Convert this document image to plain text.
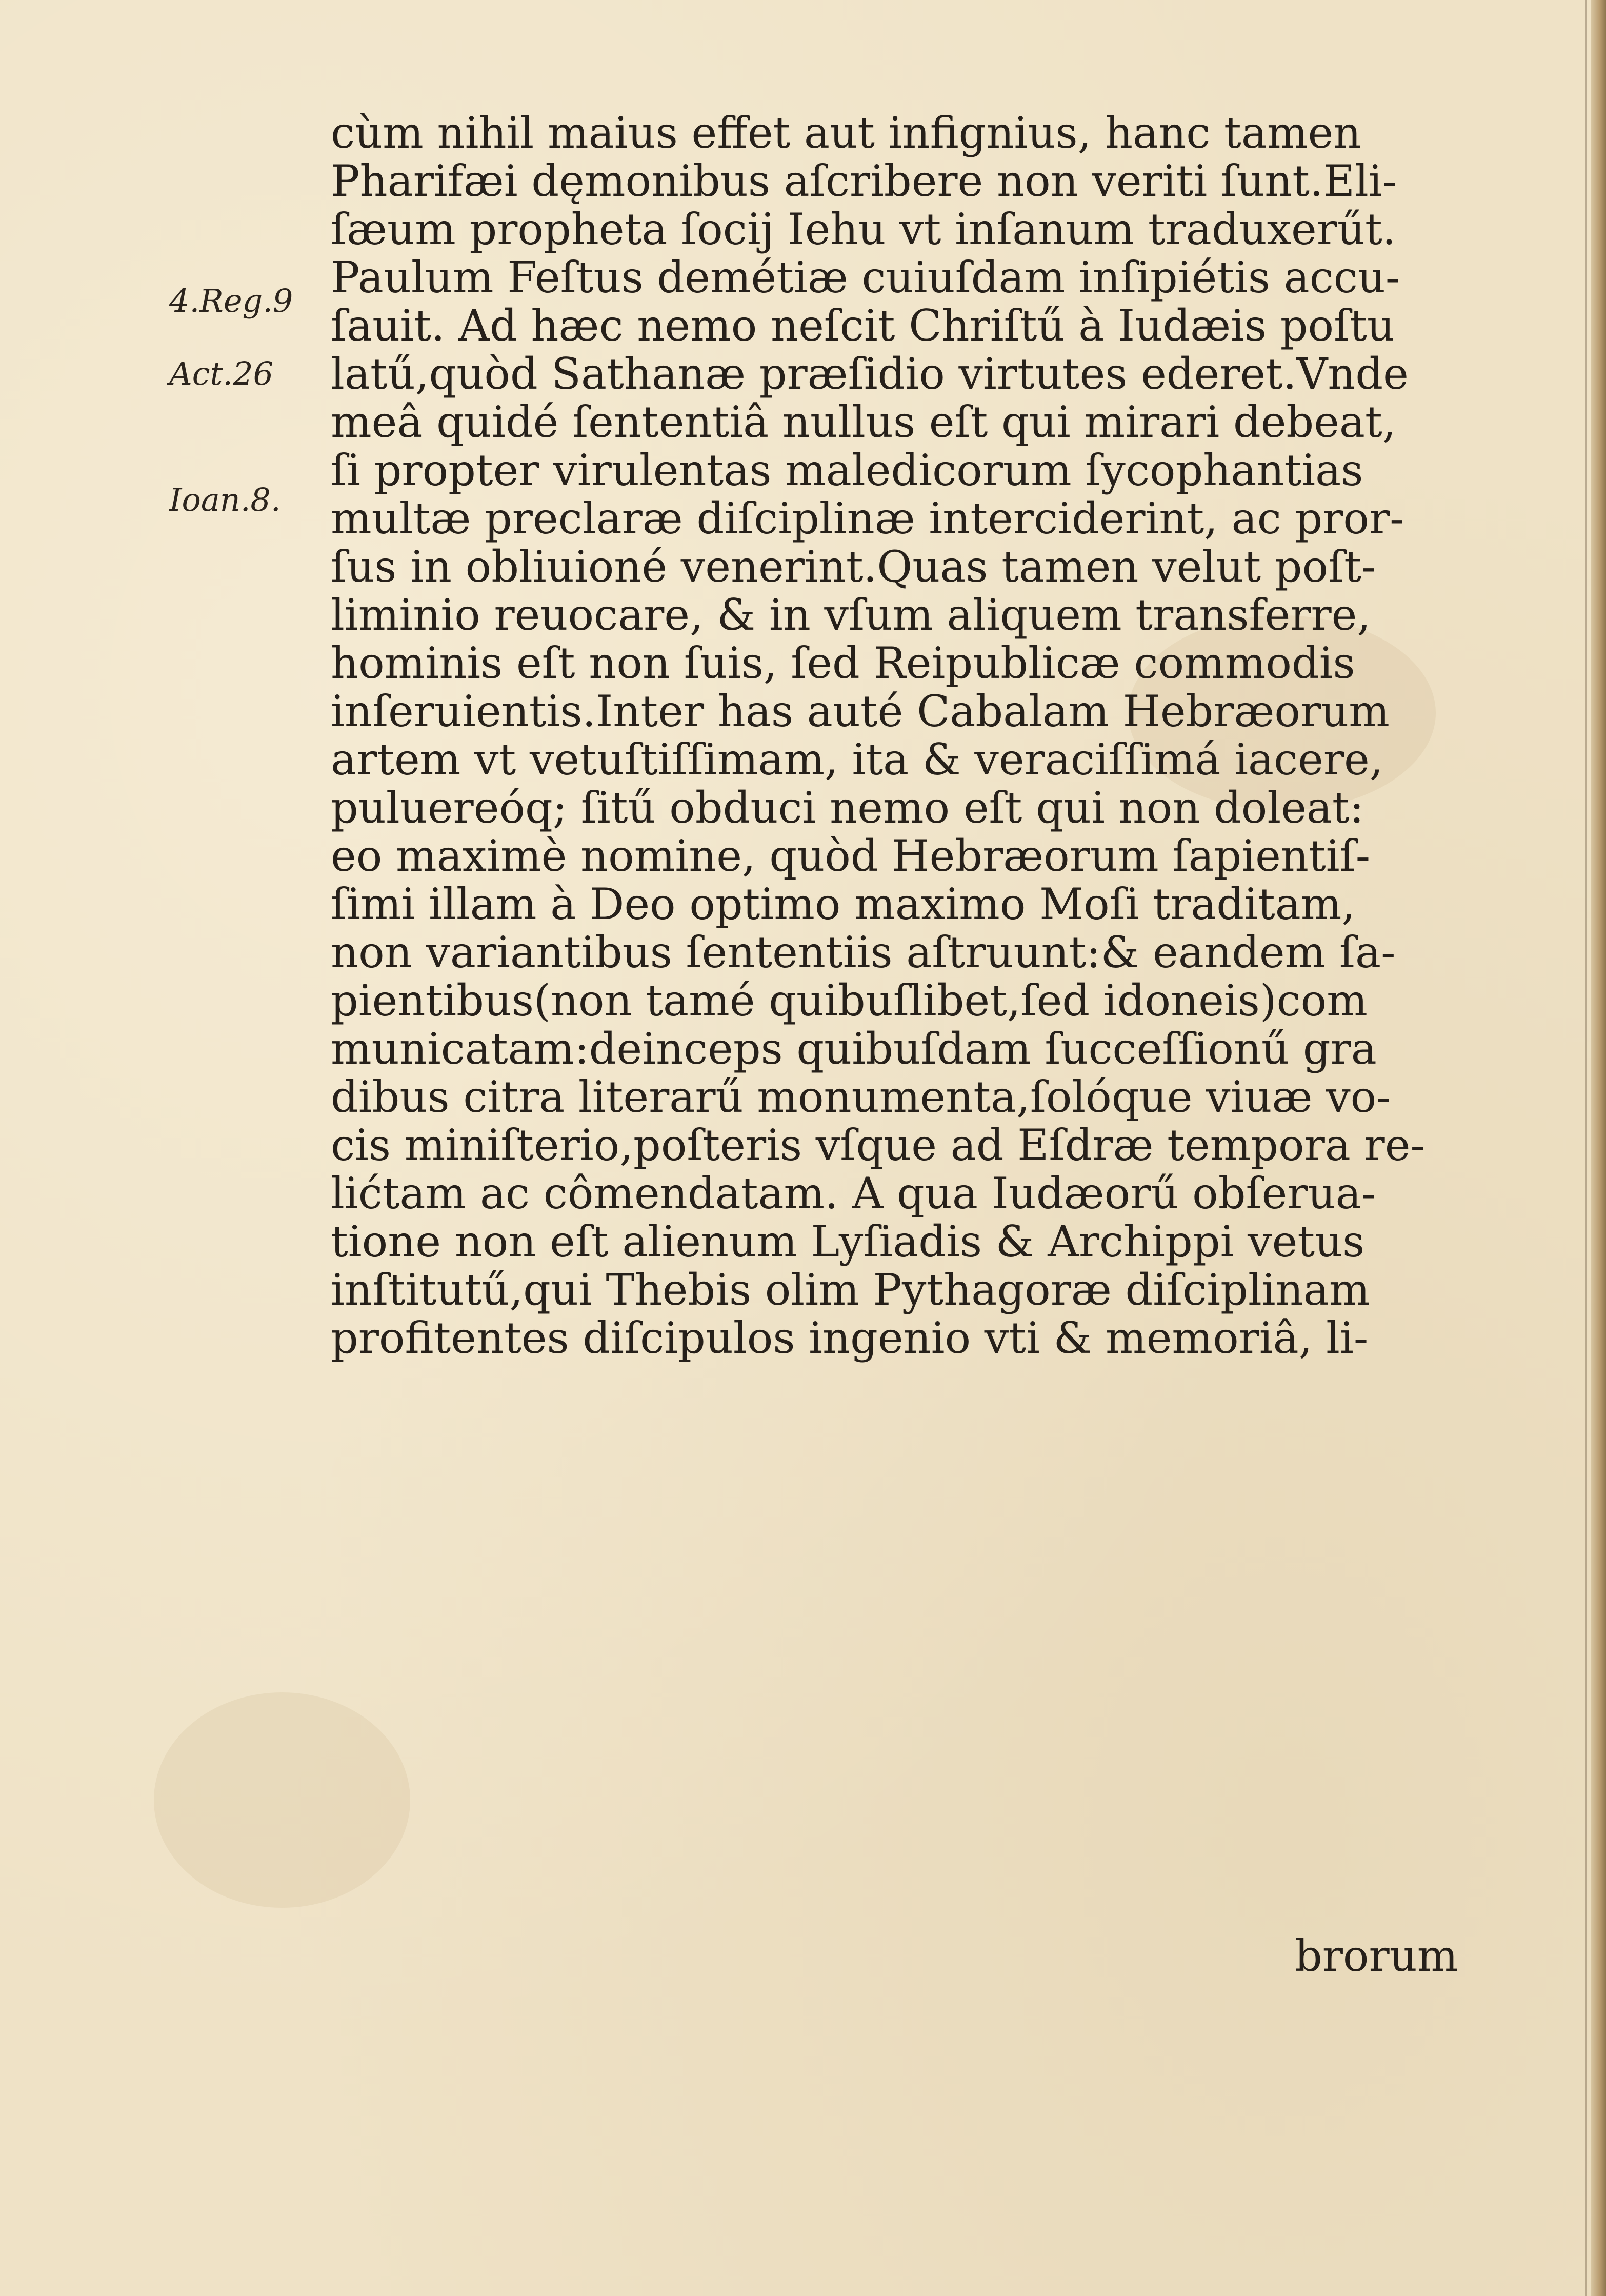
4.Reg.9
Act.26
Ioan.8.
cùm nihil maius effet aut infignius, hanc tamen
Pharifæi dęmonibus aſcribere non veriti ſunt.Eli-
ſæum propheta ſocij Iehu vt inſanum traduxerűt.
Paulum Feſtus demétiæ cuiuſdam inſipiétis accu-
ſauit. Ad hæc nemo neſcit Chriſtű à Iudæis poſtu
latű,quòd Sathanæ præſidio virtutes ederet.Vnde
meâ quidé ſententiâ nullus eſt qui mirari debeat,
ſi propter virulentas maledicorum ſycophantias
multæ preclaræ diſciplinæ interciderint, ac pror-
ſus in obliuioné venerint.Quas tamen velut poſt-
liminio reuocare, & in vſum aliquem transferre,
hominis eſt non ſuis, ſed Reipublicæ commodis
inſeruientis.Inter has auté Cabalam Hebræorum
artem vt vetuſtiſſimam, ita & veraciſſimá iacere,
puluereóq; ſitű obduci nemo eſt qui non doleat:
eo maximè nomine, quòd Hebræorum ſapientiſ-
ſimi illam à Deo optimo maximo Moſi traditam,
non variantibus ſententiis aſtruunt:& eandem ſa-
pientibus(non tamé quibuſlibet,ſed idoneis)com
municatam:deinceps quibuſdam ſucceſſionű gra
dibus citra literarű monumenta,ſolóque viuæ vo-
cis miniſterio,poſteris vſque ad Eſdræ tempora re-
lićtam ac cômendatam. A qua Iudæorű obſerua-
tione non eſt alienum Lyſiadis & Archippi vetus
inſtitutű,qui Thebis olim Pythagoræ diſciplinam
profitentes diſcipulos ingenio vti & memoriâ, li-
brorum
